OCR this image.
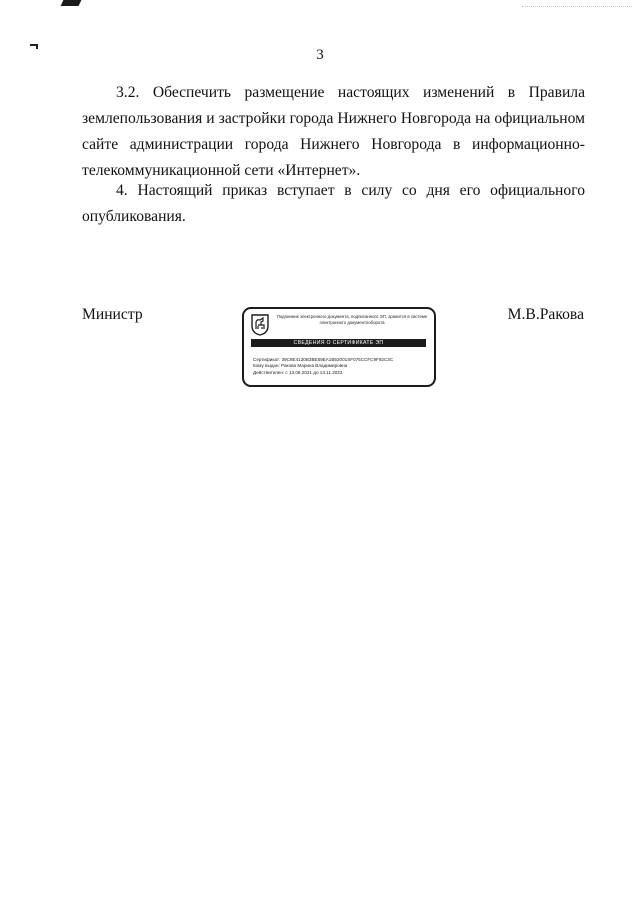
3

3.2. Обеспечить размещение настоящих изменений в Правила землепользования и застройки города Нижнего Новгорода на официальном сайте администрации города Нижнего Новгорода в информационно-телекоммуникационной сети «Интернет».

4. Настоящий приказ вступает в силу со дня его официального опубликования.

Министр	М.В.Ракова
Подлинник электронного документа, подписанного ЭП, хранится в системе электронного документооборота
СВЕДЕНИЯ О СЕРТИФИКАТЕ ЭП
Сертификат: 39C8E4130B3BE59EA1B52001SF075CCFC9F92C3C
Кому выдан: Ракова Марина Владимировна
Действителен: с 13.08.2021 до 13.11.2022
